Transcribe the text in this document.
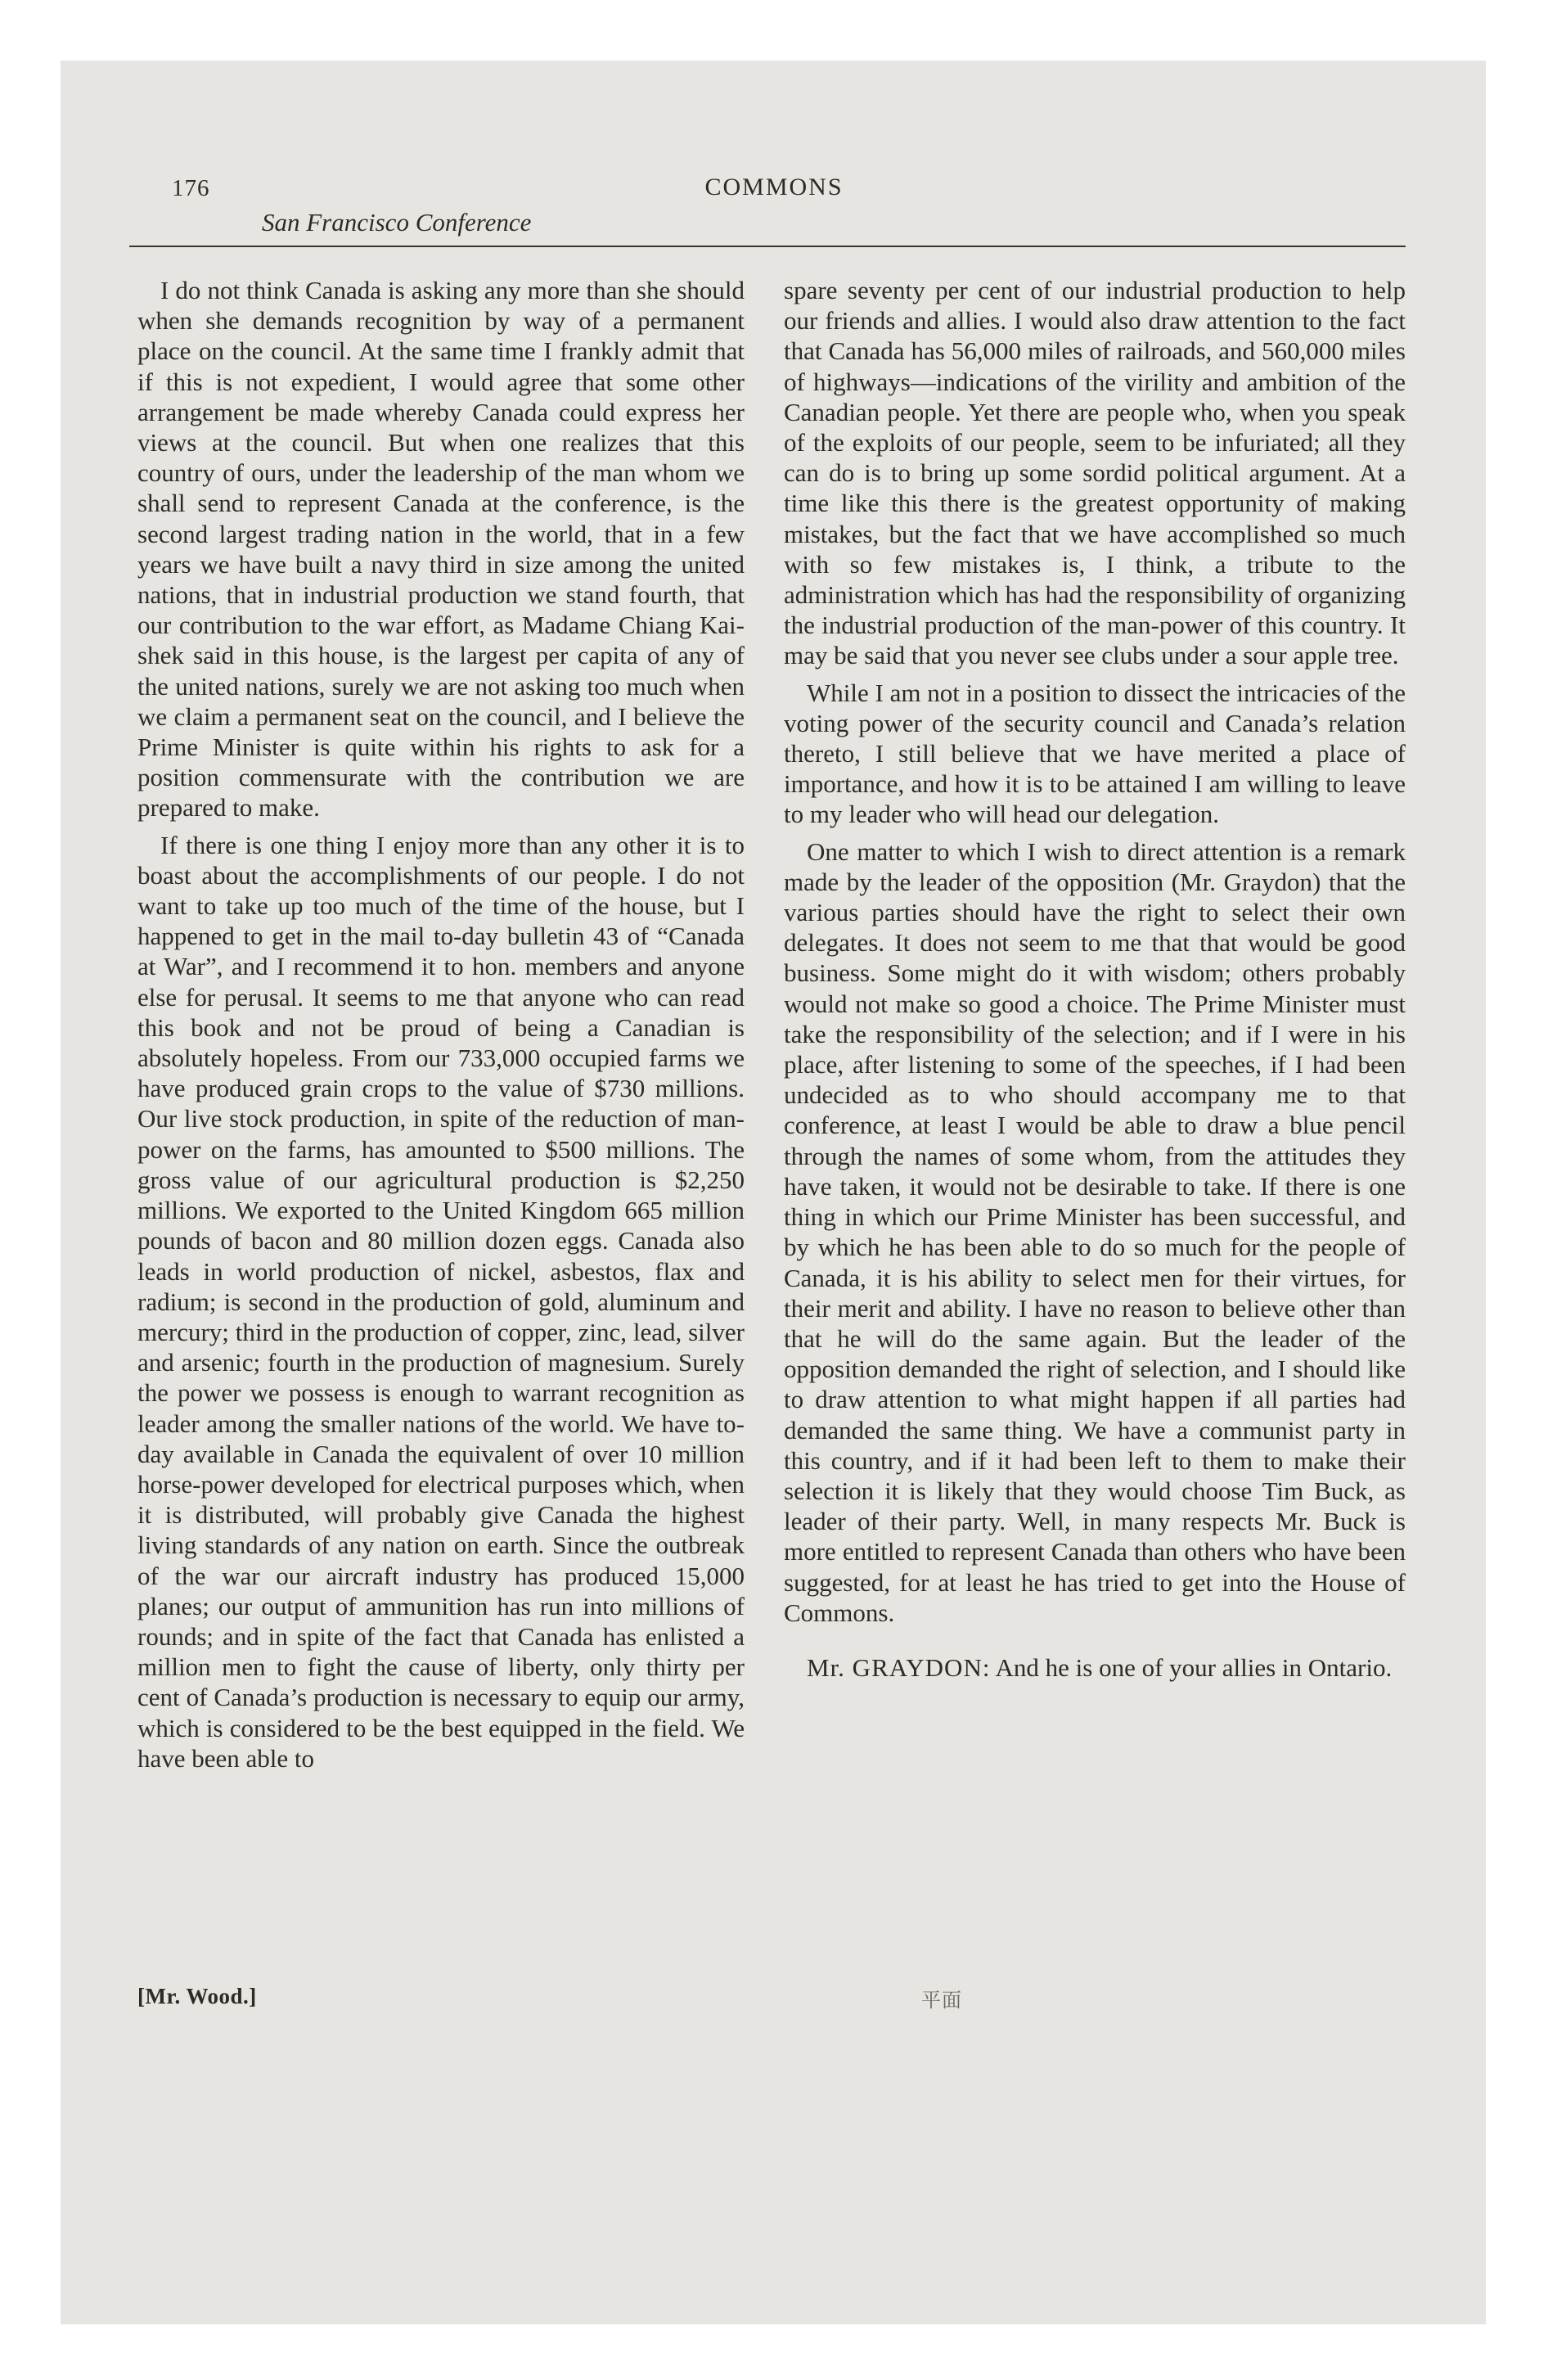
176	COMMONS
San Francisco Conference

I do not think Canada is asking any more than she should when she demands recognition by way of a permanent place on the council. At the same time I frankly admit that if this is not expedient, I would agree that some other arrangement be made whereby Canada could express her views at the council. But when one realizes that this country of ours, under the leadership of the man whom we shall send to represent Canada at the conference, is the second largest trading nation in the world, that in a few years we have built a navy third in size among the united nations, that in industrial production we stand fourth, that our contribution to the war effort, as Madame Chiang Kai-shek said in this house, is the largest per capita of any of the united nations, surely we are not asking too much when we claim a permanent seat on the council, and I believe the Prime Minister is quite within his rights to ask for a position commensurate with the contribution we are prepared to make.

If there is one thing I enjoy more than any other it is to boast about the accomplishments of our people. I do not want to take up too much of the time of the house, but I happened to get in the mail to-day bulletin 43 of “Canada at War”, and I recommend it to hon. members and anyone else for perusal. It seems to me that anyone who can read this book and not be proud of being a Canadian is absolutely hopeless. From our 733,000 occupied farms we have produced grain crops to the value of $730 millions. Our live stock production, in spite of the reduction of man-power on the farms, has amounted to $500 millions. The gross value of our agricultural production is $2,250 millions. We exported to the United Kingdom 665 million pounds of bacon and 80 million dozen eggs. Canada also leads in world production of nickel, asbestos, flax and radium; is second in the production of gold, aluminum and mercury; third in the production of copper, zinc, lead, silver and arsenic; fourth in the production of magnesium. Surely the power we possess is enough to warrant recognition as leader among the smaller nations of the world. We have to-day available in Canada the equivalent of over 10 million horse-power developed for electrical purposes which, when it is distributed, will probably give Canada the highest living standards of any nation on earth. Since the outbreak of the war our aircraft industry has produced 15,000 planes; our output of ammunition has run into millions of rounds; and in spite of the fact that Canada has enlisted a million men to fight the cause of liberty, only thirty per cent of Canada’s production is necessary to equip our army, which is considered to be the best equipped in the field. We have been able to

spare seventy per cent of our industrial production to help our friends and allies. I would also draw attention to the fact that Canada has 56,000 miles of railroads, and 560,000 miles of highways—indications of the virility and ambition of the Canadian people. Yet there are people who, when you speak of the exploits of our people, seem to be infuriated; all they can do is to bring up some sordid political argument. At a time like this there is the greatest opportunity of making mistakes, but the fact that we have accomplished so much with so few mistakes is, I think, a tribute to the administration which has had the responsibility of organizing the industrial production of the man-power of this country. It may be said that you never see clubs under a sour apple tree.

While I am not in a position to dissect the intricacies of the voting power of the security council and Canada’s relation thereto, I still believe that we have merited a place of importance, and how it is to be attained I am willing to leave to my leader who will head our delegation.

One matter to which I wish to direct attention is a remark made by the leader of the opposition (Mr. Graydon) that the various parties should have the right to select their own delegates. It does not seem to me that that would be good business. Some might do it with wisdom; others probably would not make so good a choice. The Prime Minister must take the responsibility of the selection; and if I were in his place, after listening to some of the speeches, if I had been undecided as to who should accompany me to that conference, at least I would be able to draw a blue pencil through the names of some whom, from the attitudes they have taken, it would not be desirable to take. If there is one thing in which our Prime Minister has been successful, and by which he has been able to do so much for the people of Canada, it is his ability to select men for their virtues, for their merit and ability. I have no reason to believe other than that he will do the same again. But the leader of the opposition demanded the right of selection, and I should like to draw attention to what might happen if all parties had demanded the same thing. We have a communist party in this country, and if it had been left to them to make their selection it is likely that they would choose Tim Buck, as leader of their party. Well, in many respects Mr. Buck is more entitled to represent Canada than others who have been suggested, for at least he has tried to get into the House of Commons.

Mr. GRAYDON: And he is one of your allies in Ontario.

[Mr. Wood.]	平面
